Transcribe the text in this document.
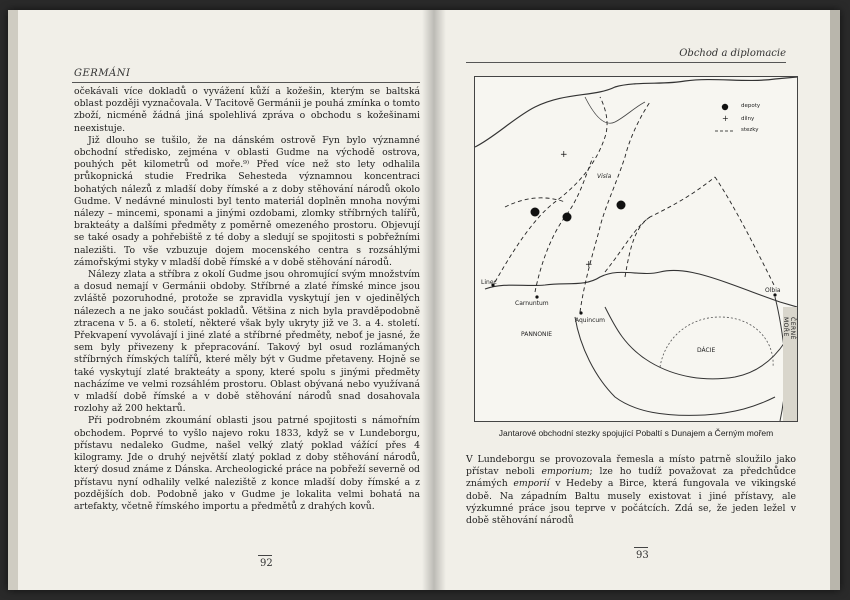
GERMÁNI

očekávali více dokladů o vyvážení kůží a kožešin, kterým se baltská oblast později vyznačovala. V Tacitově Germánii je pouhá zmínka o tomto zboží, nicméně žádná jiná spolehlivá zpráva o obchodu s kožešinami neexistuje.

Již dlouho se tušilo, že na dánském ostrově Fyn bylo významné obchodní středisko, zejména v oblasti Gudme na východě ostrova, pouhých pět kilometrů od moře.⁹⁾ Před více než sto lety odhalila průkopnická studie Fredrika Sehesteda významnou koncentraci bohatých nálezů z mladší doby římské a z doby stěhování národů okolo Gudme. V nedávné minulosti byl tento materiál doplněn mnoha novými nálezy – mincemi, sponami a jinými ozdobami, zlomky stříbrných talířů, brakteáty a dalšími předměty z poměrně omezeného prostoru. Objevují se také osady a pohřebiště z té doby a sledují se spojitosti s pobřežními nalezišti. To vše vzbuzuje dojem mocenského centra s rozsáhlými zámořskými styky v mladší době římské a v době stěhování národů.

Nálezy zlata a stříbra z okolí Gudme jsou ohromující svým množstvím a dosud nemají v Germánii obdoby. Stříbrné a zlaté římské mince jsou zvláště pozoruhodné, protože se zpravidla vyskytují jen v ojedinělých nálezech a ne jako součást pokladů. Většina z nich byla pravděpodobně ztracena v 5. a 6. století, některé však byly ukryty již ve 3. a 4. století. Překvapení vyvolávají i jiné zlaté a stříbrné předměty, neboť je jasné, že sem byly přivezeny k přepracování. Takový byl osud rozlámaných stříbrných římských talířů, které měly být v Gudme přetaveny. Hojně se také vyskytují zlaté brakteáty a spony, které spolu s jinými předměty nacházíme ve velmi rozsáhlém prostoru. Oblast obývaná nebo využívaná v mladší době římské a v době stěhování národů snad dosahovala rozlohy až 200 hektarů.

Při podrobném zkoumání oblasti jsou patrné spojitosti s námořním obchodem. Poprvé to vyšlo najevo roku 1833, když se v Lundeborgu, přístavu nedaleko Gudme, našel velký zlatý poklad vážící přes 4 kilogramy. Jde o druhý největší zlatý poklad z doby stěhování národů, který dosud známe z Dánska. Archeologické práce na pobřeží severně od přístavu nyní odhalily velké naleziště z konce mladší doby římské a z pozdějších dob. Podobně jako v Gudme je lokalita velmi bohatá na artefakty, včetně římského importu a předmětů z drahých kovů.

92
Obchod a diplomacie
+
+
+
depoty
dílny
stezky
Linec
Carnuntum
Aquincum
PANNONIE
DÁCIE
Olbia
Visla
ČERNÉ MOŘE
Jantarové obchodní stezky spojující Pobaltí s Dunajem a Černým mořem

V Lundeborgu se provozovala řemesla a místo patrně sloužilo jako přístav neboli emporium; lze ho tudíž považovat za předchůdce známých emporií v Hedeby a Birce, která fungovala ve vikingské době. Na západním Baltu musely existovat i jiné přístavy, ale výzkumné práce jsou teprve v počátcích. Zdá se, že jeden ležel v době stěhování národů

93
